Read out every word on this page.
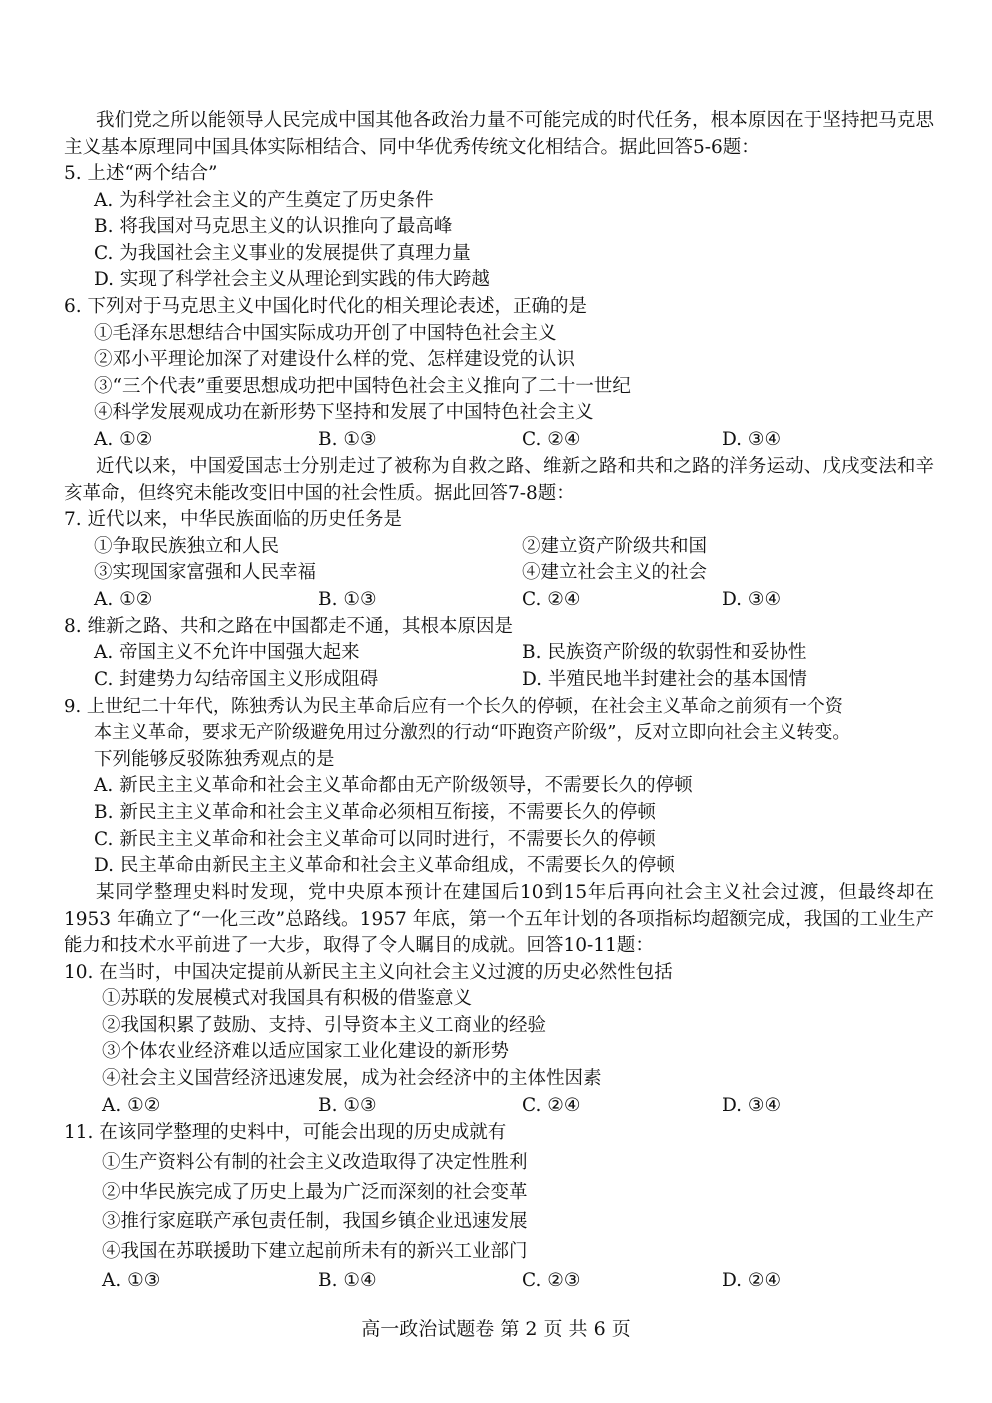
我们党之所以能领导人民完成中国其他各政治力量不可能完成的时代任务，根本原因在于坚持把马克思主义基本原理同中国具体实际相结合、同中华优秀传统文化相结合。据此回答5-6题：
5. 上述“两个结合”
A. 为科学社会主义的产生奠定了历史条件
B. 将我国对马克思主义的认识推向了最高峰
C. 为我国社会主义事业的发展提供了真理力量
D. 实现了科学社会主义从理论到实践的伟大跨越
6. 下列对于马克思主义中国化时代化的相关理论表述，正确的是
①毛泽东思想结合中国实际成功开创了中国特色社会主义
②邓小平理论加深了对建设什么样的党、怎样建设党的认识
③“三个代表”重要思想成功把中国特色社会主义推向了二十一世纪
④科学发展观成功在新形势下坚持和发展了中国特色社会主义
A. ①②	B. ①③	C. ②④	D. ③④
近代以来，中国爱国志士分别走过了被称为自救之路、维新之路和共和之路的洋务运动、戊戌变法和辛亥革命，但终究未能改变旧中国的社会性质。据此回答7-8题：
7. 近代以来，中华民族面临的历史任务是
①争取民族独立和人民	②建立资产阶级共和国
③实现国家富强和人民幸福	④建立社会主义的社会
A. ①②	B. ①③	C. ②④	D. ③④
8. 维新之路、共和之路在中国都走不通，其根本原因是
A. 帝国主义不允许中国强大起来	B. 民族资产阶级的软弱性和妥协性
C. 封建势力勾结帝国主义形成阻碍	D. 半殖民地半封建社会的基本国情
9. 上世纪二十年代，陈独秀认为民主革命后应有一个长久的停顿，在社会主义革命之前须有一个资
本主义革命，要求无产阶级避免用过分激烈的行动“吓跑资产阶级”，反对立即向社会主义转变。
下列能够反驳陈独秀观点的是
A. 新民主主义革命和社会主义革命都由无产阶级领导，不需要长久的停顿
B. 新民主主义革命和社会主义革命必须相互衔接，不需要长久的停顿
C. 新民主主义革命和社会主义革命可以同时进行，不需要长久的停顿
D. 民主革命由新民主主义革命和社会主义革命组成，不需要长久的停顿
某同学整理史料时发现，党中央原本预计在建国后10到15年后再向社会主义社会过渡，但最终却在 1953 年确立了“一化三改”总路线。1957 年底，第一个五年计划的各项指标均超额完成，我国的工业生产能力和技术水平前进了一大步，取得了令人瞩目的成就。回答10-11题：
10. 在当时，中国决定提前从新民主主义向社会主义过渡的历史必然性包括
①苏联的发展模式对我国具有积极的借鉴意义
②我国积累了鼓励、支持、引导资本主义工商业的经验
③个体农业经济难以适应国家工业化建设的新形势
④社会主义国营经济迅速发展，成为社会经济中的主体性因素
A. ①②	B. ①③	C. ②④	D. ③④
11. 在该同学整理的史料中，可能会出现的历史成就有
①生产资料公有制的社会主义改造取得了决定性胜利
②中华民族完成了历史上最为广泛而深刻的社会变革
③推行家庭联产承包责任制，我国乡镇企业迅速发展
④我国在苏联援助下建立起前所未有的新兴工业部门
A. ①③	B. ①④	C. ②③	D. ②④
高一政治试题卷 第 2 页 共 6 页
